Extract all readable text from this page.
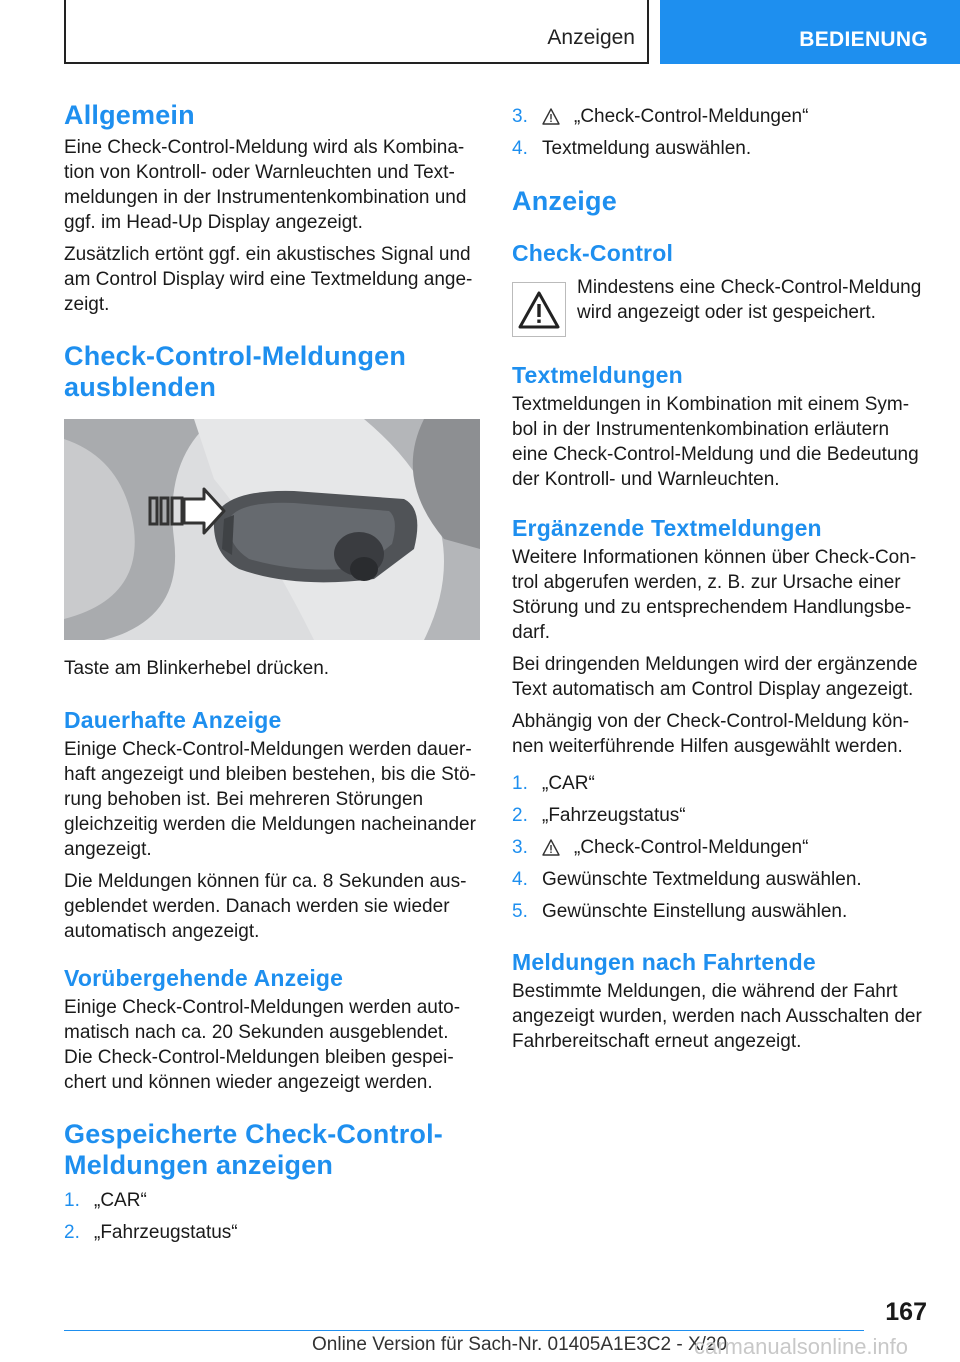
Anzeigen	BEDIENUNG
Allgemein

Eine Check-Control-Meldung wird als Kombination von Kontroll- oder Warnleuchten und Textmeldungen in der Instrumentenkombination und ggf. im Head-Up Display angezeigt.

Zusätzlich ertönt ggf. ein akustisches Signal und am Control Display wird eine Textmeldung angezeigt.

Check-Control-Meldungen
ausblenden

Taste am Blinkerhebel drücken.

Dauerhafte Anzeige

Einige Check-Control-Meldungen werden dauerhaft angezeigt und bleiben bestehen, bis die Störung behoben ist. Bei mehreren Störungen gleichzeitig werden die Meldungen nacheinander angezeigt.

Die Meldungen können für ca. 8 Sekunden ausgeblendet werden. Danach werden sie wieder automatisch angezeigt.

Vorübergehende Anzeige

Einige Check-Control-Meldungen werden automatisch nach ca. 20 Sekunden ausgeblendet. Die Check-Control-Meldungen bleiben gespeichert und können wieder angezeigt werden.

Gespeicherte Check-Control-
Meldungen anzeigen
1. „CAR“
2. „Fahrzeugstatus“
3.	„Check-Control-Meldungen“
4. Textmeldung auswählen.
Anzeige
Check-Control

Mindestens eine Check-Control-Meldung wird angezeigt oder ist gespeichert.

Textmeldungen

Textmeldungen in Kombination mit einem Symbol in der Instrumentenkombination erläutern eine Check-Control-Meldung und die Bedeutung der Kontroll- und Warnleuchten.

Ergänzende Textmeldungen

Weitere Informationen können über Check-Control abgerufen werden, z. B. zur Ursache einer Störung und zu entsprechendem Handlungsbedarf.

Bei dringenden Meldungen wird der ergänzende Text automatisch am Control Display angezeigt.

Abhängig von der Check-Control-Meldung können weiterführende Hilfen ausgewählt werden.

1. „CAR“
2. „Fahrzeugstatus“
3.	„Check-Control-Meldungen“
4. Gewünschte Textmeldung auswählen.
5. Gewünschte Einstellung auswählen.
Meldungen nach Fahrtende

Bestimmte Meldungen, die während der Fahrt angezeigt wurden, werden nach Ausschalten der Fahrbereitschaft erneut angezeigt.

167
Online Version für Sach-Nr. 01405A1E3C2 - X/20
carmanualsonline.info
